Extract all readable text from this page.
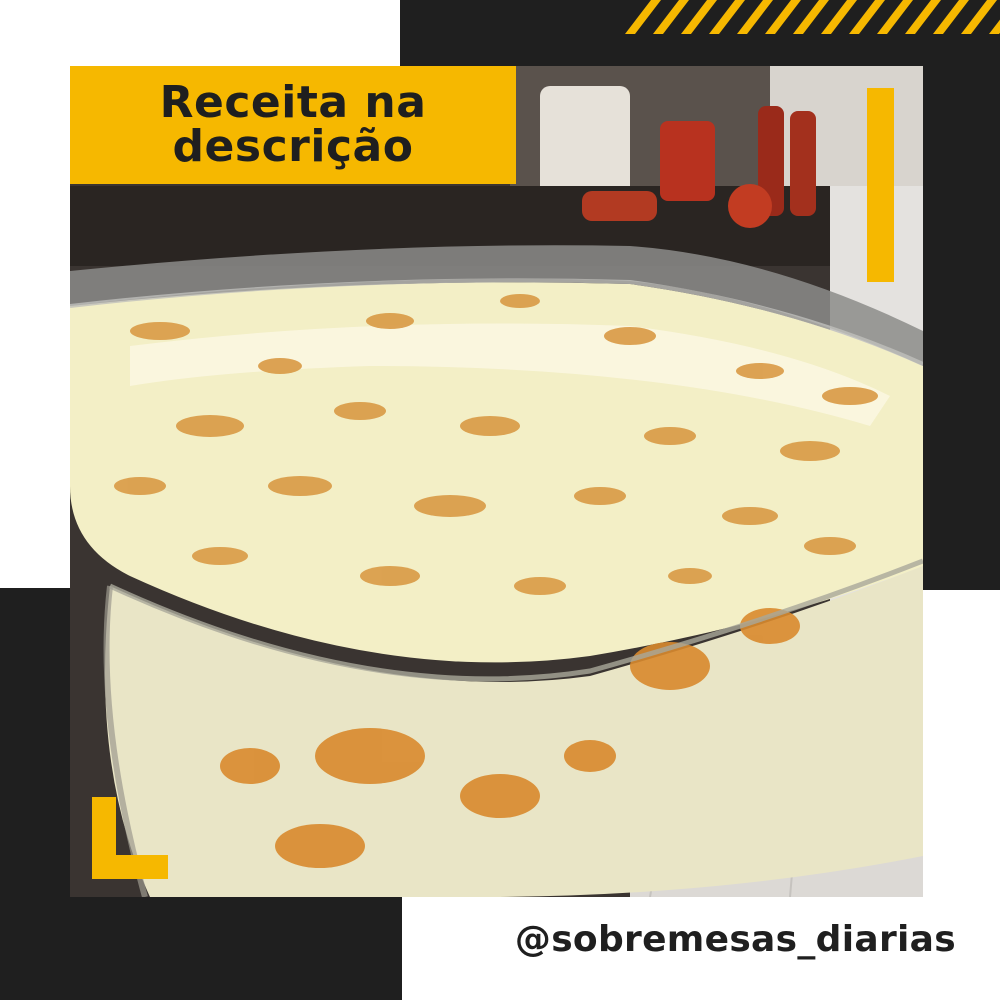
Receita na
descrição
@sobremesas_diarias
